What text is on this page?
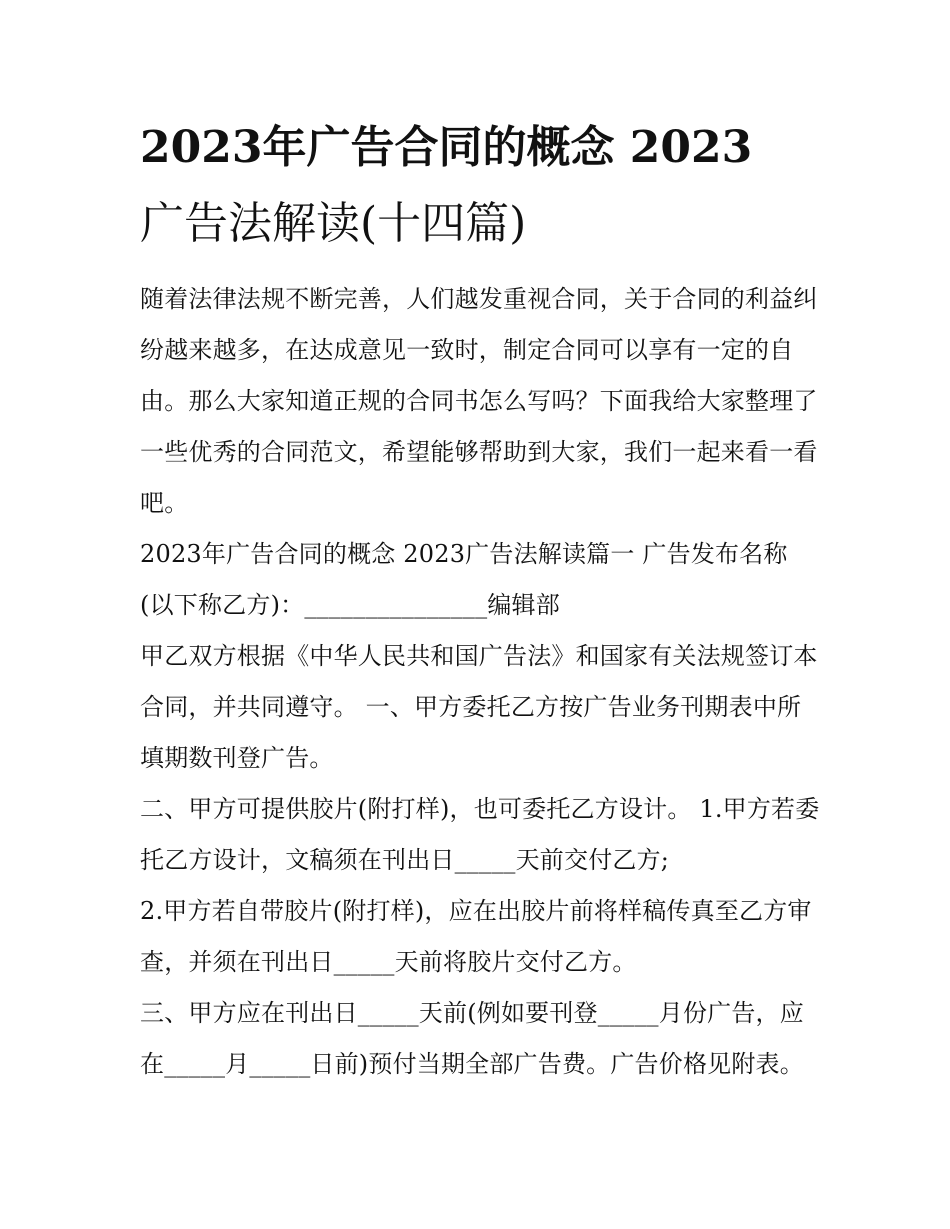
2023年广告合同的概念 2023
广告法解读(十四篇)

随着法律法规不断完善，人们越发重视合同，关于合同的利益纠纷越来越多，在达成意见一致时，制定合同可以享有一定的自由。那么大家知道正规的合同书怎么写吗？下面我给大家整理了一些优秀的合同范文，希望能够帮助到大家，我们一起来看一看吧。

2023年广告合同的概念 2023广告法解读篇一 广告发布名称

(以下称乙方)：_______________编辑部

甲乙双方根据《中华人民共和国广告法》和国家有关法规签订本合同，并共同遵守。 一、甲方委托乙方按广告业务刊期表中所填期数刊登广告。

二、甲方可提供胶片(附打样)，也可委托乙方设计。 1.甲方若委托乙方设计，文稿须在刊出日_____天前交付乙方;

2.甲方若自带胶片(附打样)，应在出胶片前将样稿传真至乙方审查，并须在刊出日_____天前将胶片交付乙方。

三、甲方应在刊出日_____天前(例如要刊登_____月份广告，应在_____月_____日前)预付当期全部广告费。广告价格见附表。
